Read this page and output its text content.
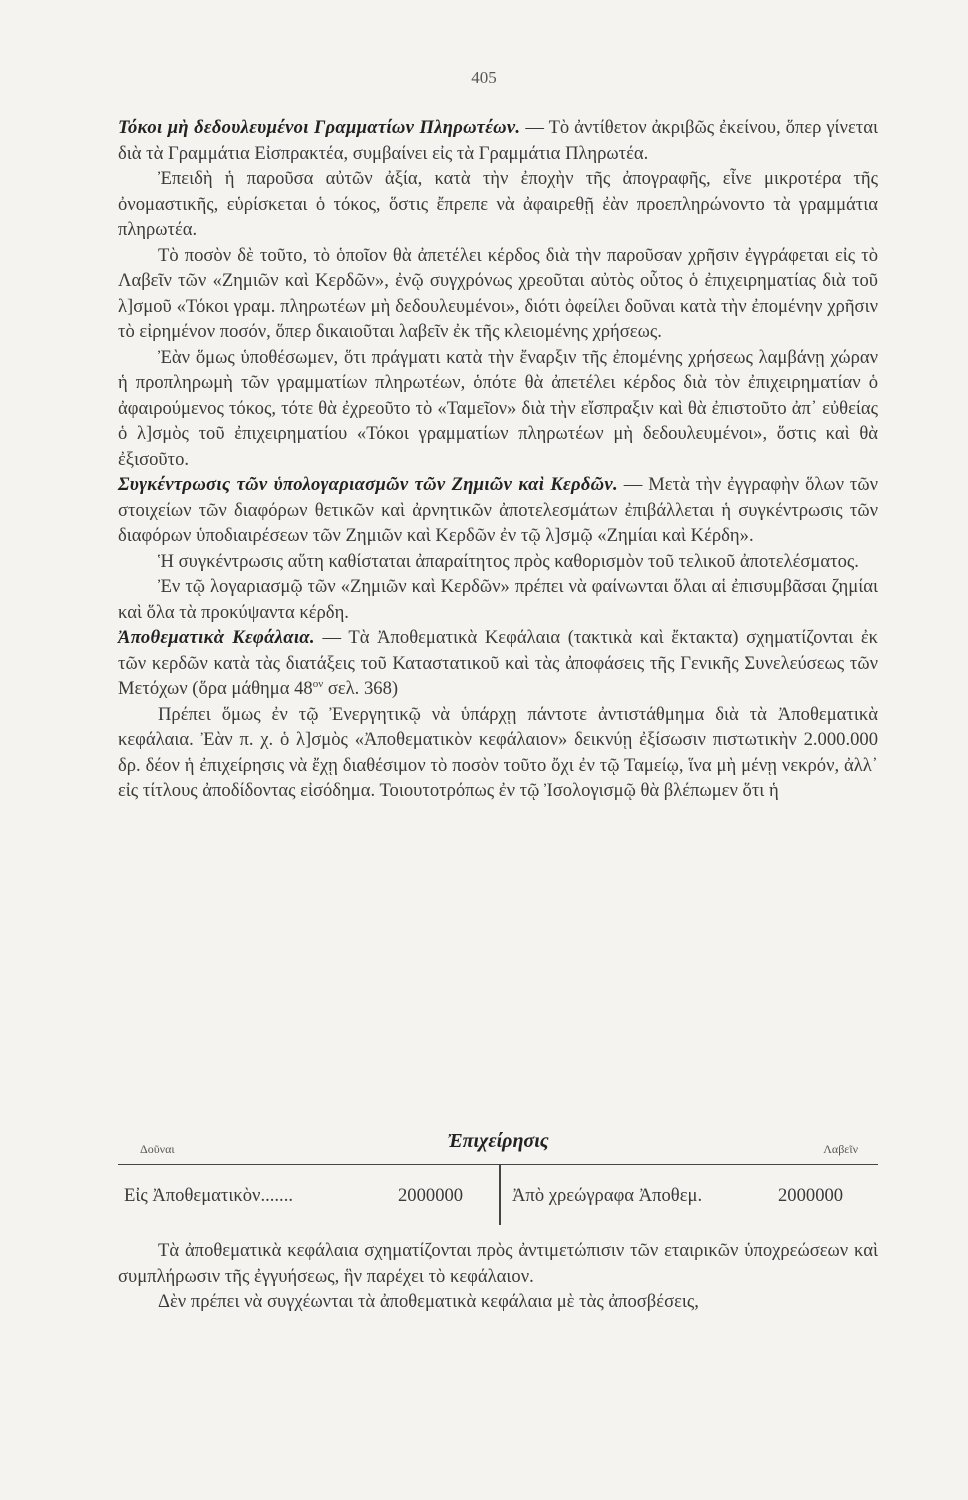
405

Τόκοι μὴ δεδουλευμένοι Γραμματίων Πληρωτέων. — Τὸ ἀντίθετον ἀκριβῶς ἐκείνου, ὅπερ γίνεται διὰ τὰ Γραμμάτια Εἰσπρακτέα, συμβαίνει εἰς τὰ Γραμμάτια Πληρωτέα.

Ἐπειδὴ ἡ παροῦσα αὐτῶν ἀξία, κατὰ τὴν ἐποχὴν τῆς ἀπογραφῆς, εἶνε μικροτέρα τῆς ὀνομαστικῆς, εὑρίσκεται ὁ τόκος, ὅστις ἔπρεπε νὰ ἀφαιρεθῇ ἐὰν προεπληρώνοντο τὰ γραμμάτια πληρωτέα.

Τὸ ποσὸν δὲ τοῦτο, τὸ ὁποῖον θὰ ἀπετέλει κέρδος διὰ τὴν παροῦσαν χρῆσιν ἐγγράφεται εἰς τὸ Λαβεῖν τῶν «Ζημιῶν καὶ Κερδῶν», ἐνῷ συγχρόνως χρεοῦται αὐτὸς οὗτος ὁ ἐπιχειρηματίας διὰ τοῦ λ]σμοῦ «Τόκοι γραμ. πληρωτέων μὴ δεδουλευμένοι», διότι ὀφείλει δοῦναι κατὰ τὴν ἐπομένην χρῆσιν τὸ εἰρημένον ποσόν, ὅπερ δικαιοῦται λαβεῖν ἐκ τῆς κλειομένης χρήσεως.

Ἐὰν ὅμως ὑποθέσωμεν, ὅτι πράγματι κατὰ τὴν ἔναρξιν τῆς ἐπομένης χρήσεως λαμβάνῃ χώραν ἡ προπληρωμὴ τῶν γραμματίων πληρωτέων, ὁπότε θὰ ἀπετέλει κέρδος διὰ τὸν ἐπιχειρηματίαν ὁ ἀφαιρούμενος τόκος, τότε θὰ ἐχρεοῦτο τὸ «Ταμεῖον» διὰ τὴν εἴσπραξιν καὶ θὰ ἐπιστοῦτο ἀπ᾽ εὐθείας ὁ λ]σμὸς τοῦ ἐπιχειρηματίου «Τόκοι γραμματίων πληρωτέων μὴ δεδουλευμένοι», ὅστις καὶ θὰ ἐξισοῦτο.

Συγκέντρωσις τῶν ὑπολογαριασμῶν τῶν Ζημιῶν καὶ Κερδῶν. — Μετὰ τὴν ἐγγραφὴν ὅλων τῶν στοιχείων τῶν διαφόρων θετικῶν καὶ ἀρνητικῶν ἀποτελεσμάτων ἐπιβάλλεται ἡ συγκέντρωσις τῶν διαφόρων ὑποδιαιρέσεων τῶν Ζημιῶν καὶ Κερδῶν ἐν τῷ λ]σμῷ «Ζημίαι καὶ Κέρδη».

Ἡ συγκέντρωσις αὕτη καθίσταται ἀπαραίτητος πρὸς καθορισμὸν τοῦ τελικοῦ ἀποτελέσματος.

Ἐν τῷ λογαριασμῷ τῶν «Ζημιῶν καὶ Κερδῶν» πρέπει νὰ φαίνωνται ὅλαι αἱ ἐπισυμβᾶσαι ζημίαι καὶ ὅλα τὰ προκύψαντα κέρδη.

Ἀποθεματικὰ Κεφάλαια. — Τὰ Ἀποθεματικὰ Κεφάλαια (τακτικὰ καὶ ἔκτακτα) σχηματίζονται ἐκ τῶν κερδῶν κατὰ τὰς διατάξεις τοῦ Καταστατικοῦ καὶ τὰς ἀποφάσεις τῆς Γενικῆς Συνελεύσεως τῶν Μετόχων (ὅρα μάθημα $48^{o\nu}$ σελ. 368)

Πρέπει ὅμως ἐν τῷ Ἐνεργητικῷ νὰ ὑπάρχῃ πάντοτε ἀντιστάθμημα διὰ τὰ Ἀποθεματικὰ κεφάλαια. Ἐὰν π. χ. ὁ λ]σμὸς «Ἀποθεματικὸν κεφάλαιον» δεικνύῃ ἐξίσωσιν πιστωτικὴν 2.000.000 δρ. δέον ἡ ἐπιχείρησις νὰ ἔχῃ διαθέσιμον τὸ ποσὸν τοῦτο ὄχι ἐν τῷ Ταμείῳ, ἵνα μὴ μένῃ νεκρόν, ἀλλ᾽ εἰς τίτλους ἀποδίδοντας εἰσόδημα. Τοιουτοτρόπως ἐν τῷ Ἰσολογισμῷ θὰ βλέπωμεν ὅτι ἡ

Δοῦναι	Ἐπιχείρησις	Λαβεῖν
Εἰς Ἀποθεματικὸν.......	2000000	Ἀπὸ χρεώγραφα Ἀποθεμ.	2000000

Τὰ ἀποθεματικὰ κεφάλαια σχηματίζονται πρὸς ἀντιμετώπισιν τῶν εταιρικῶν ὑποχρεώσεων καὶ συμπλήρωσιν τῆς ἐγγυήσεως, ἣν παρέχει τὸ κεφάλαιον.

Δὲν πρέπει νὰ συγχέωνται τὰ ἀποθεματικὰ κεφάλαια μὲ τὰς ἀποσβέσεις,
